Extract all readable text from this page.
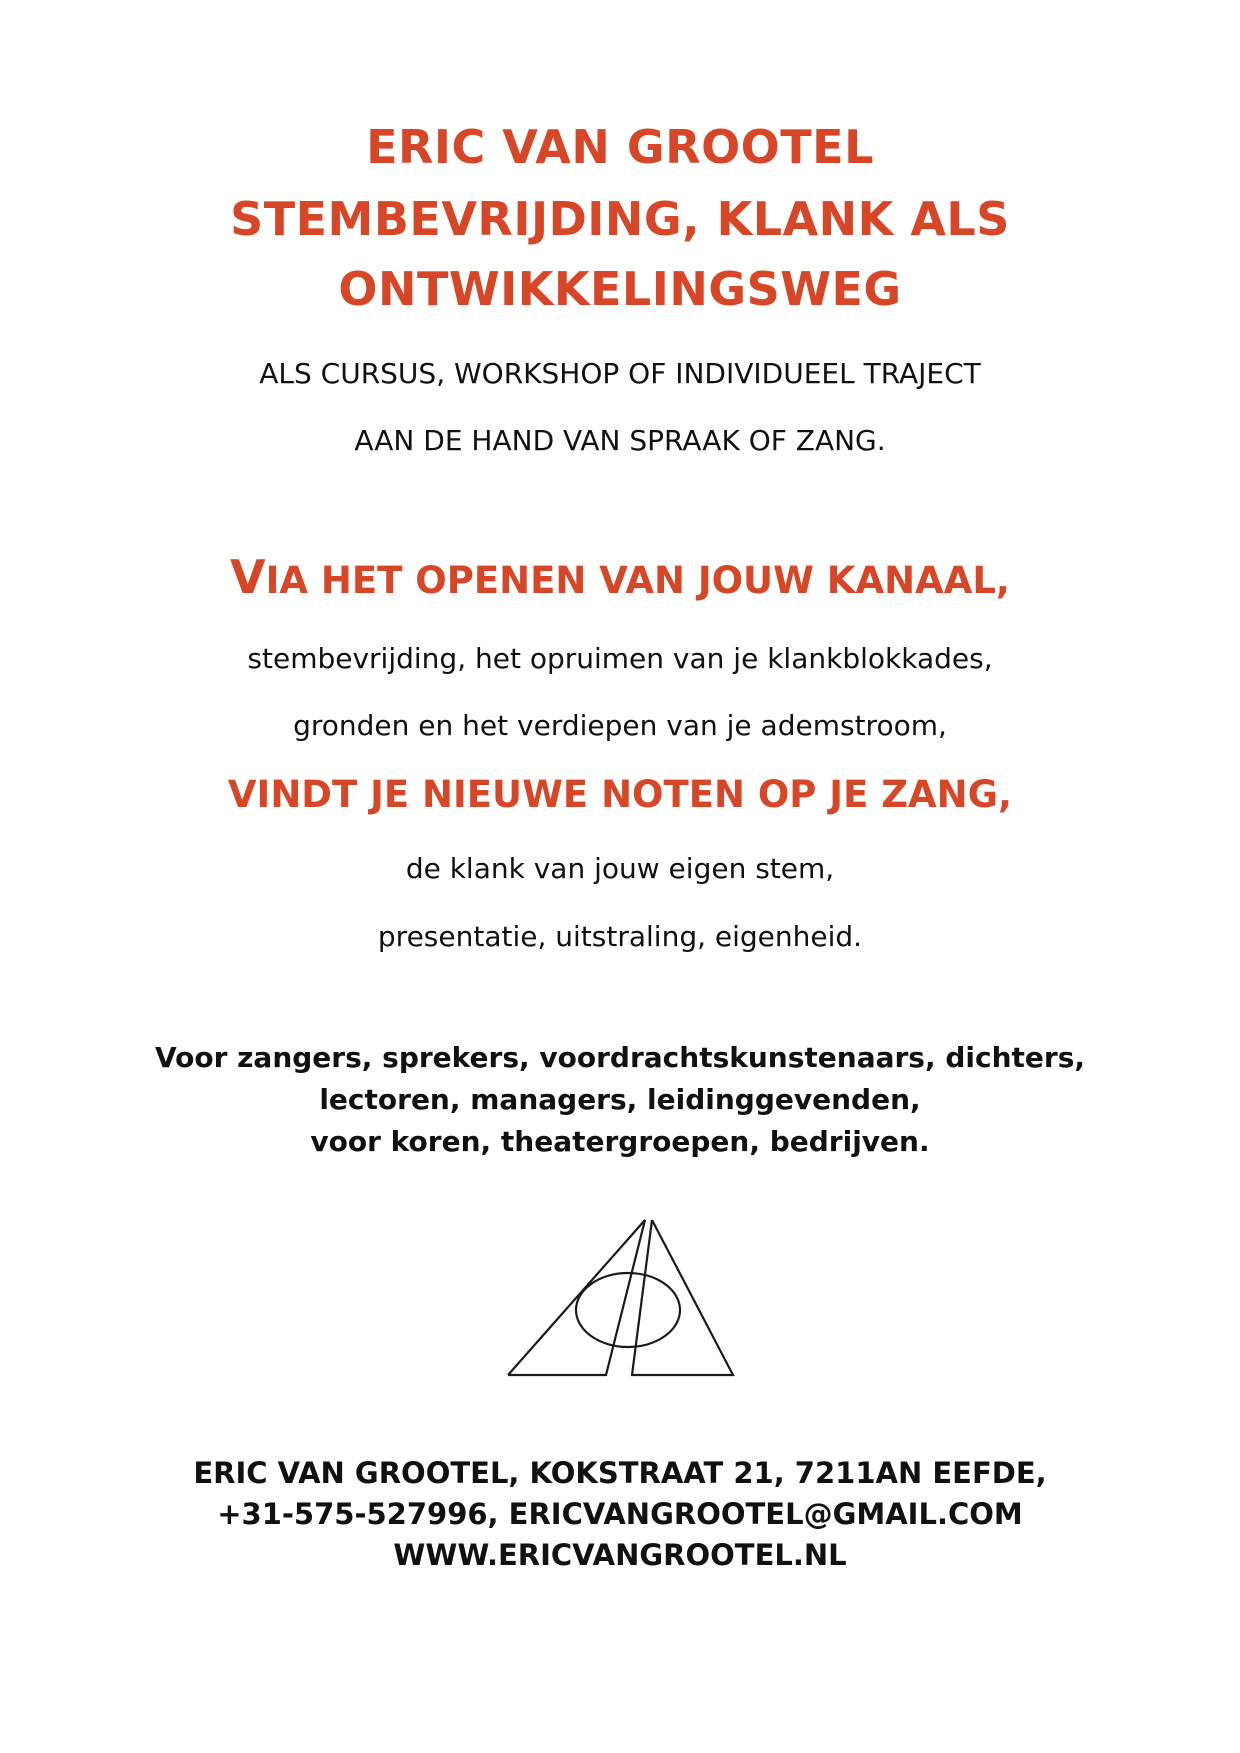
ERIC VAN GROOTEL
STEMBEVRIJDING, KLANK ALS
ONTWIKKELINGSWEG
ALS CURSUS, WORKSHOP OF INDIVIDUEEL TRAJECT
AAN DE HAND VAN SPRAAK OF ZANG.
VIA HET OPENEN VAN JOUW KANAAL,
stembevrijding, het opruimen van je klankblokkades,
gronden en het verdiepen van je ademstroom,
VINDT JE NIEUWE NOTEN OP JE ZANG,
de klank van jouw eigen stem,
presentatie, uitstraling, eigenheid.
Voor zangers, sprekers, voordrachtskunstenaars, dichters,
lectoren, managers, leidinggevenden,
voor koren, theatergroepen, bedrijven.
ERIC VAN GROOTEL, KOKSTRAAT 21, 7211AN EEFDE,
+31-575-527996, ERICVANGROOTEL@GMAIL.COM
WWW.ERICVANGROOTEL.NL
